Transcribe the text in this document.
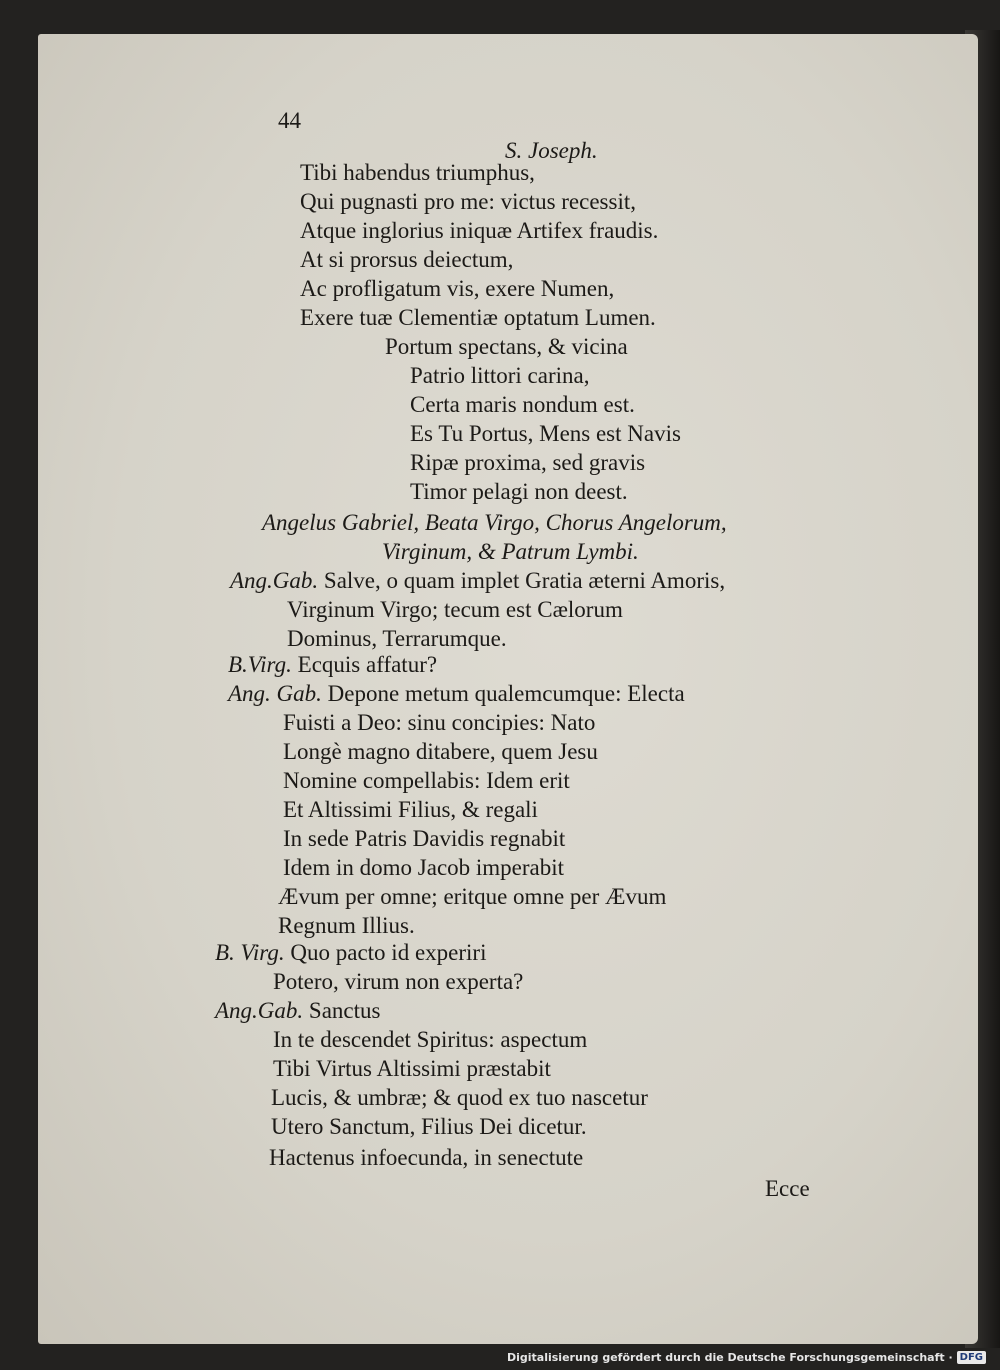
44
S. Joseph.
Tibi habendus triumphus,
Qui pugnasti pro me: victus recessit,
Atque inglorius iniquæ Artifex fraudis.
At si prorsus deiectum,
Ac profligatum vis, exere Numen,
Exere tuæ Clementiæ optatum Lumen.
Portum spectans, & vicina
Patrio littori carina,
Certa maris nondum est.
Es Tu Portus, Mens est Navis
Ripæ proxima, sed gravis
Timor pelagi non deest.
Angelus Gabriel, Beata Virgo, Chorus Angelorum,
Virginum, & Patrum Lymbi.
Ang.Gab. Salve, o quam implet Gratia æterni Amoris,
Virginum Virgo; tecum est Cælorum
Dominus, Terrarumque.
B.Virg. Ecquis affatur?
Ang. Gab. Depone metum qualemcumque: Electa
Fuisti a Deo: sinu concipies: Nato
Longè magno ditabere, quem Jesu
Nomine compellabis: Idem erit
Et Altissimi Filius, & regali
In sede Patris Davidis regnabit
Idem in domo Jacob imperabit
Ævum per omne; eritque omne per Ævum
Regnum Illius.
B. Virg. Quo pacto id experiri
Potero, virum non experta?
Ang.Gab. Sanctus
In te descendet Spiritus: aspectum
Tibi Virtus Altissimi præstabit
Lucis, & umbræ; & quod ex tuo nascetur
Utero Sanctum, Filius Dei dicetur.
Hactenus infoecunda, in senectute
Ecce
Digitalisierung gefördert durch die Deutsche Forschungsgemeinschaft · DFG
